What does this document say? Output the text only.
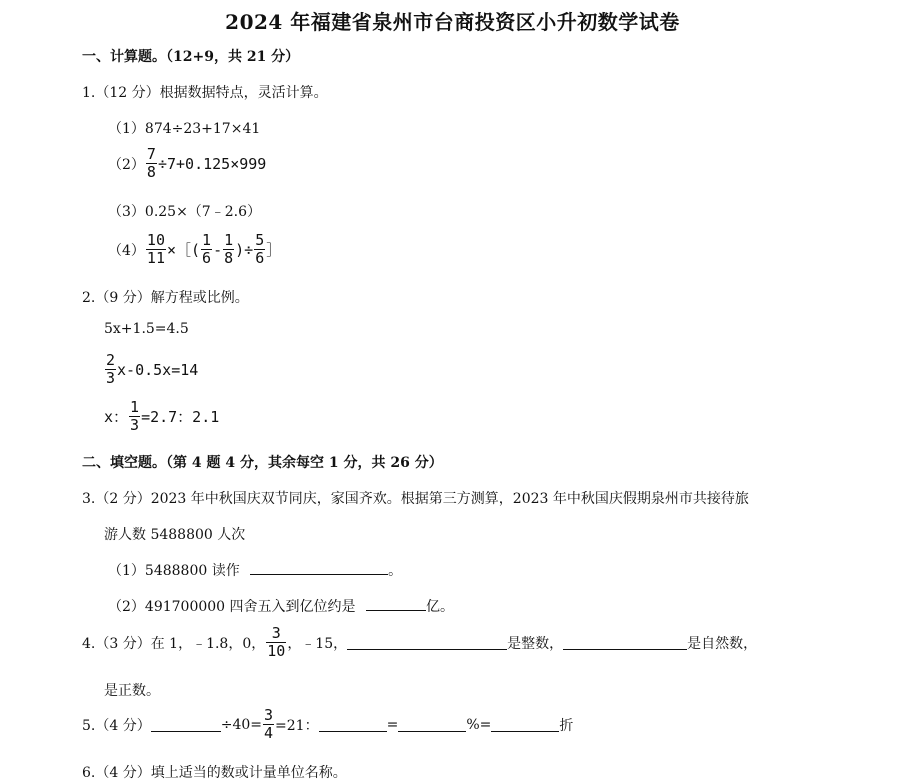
2024 年福建省泉州市台商投资区小升初数学试卷
一、计算题。（12+9，共 21 分）
1.（12 分）根据数据特点，灵活计算。
（1）874÷23+17×41
$(2) \frac{7}{8} \div 7+0.125\times 999$
（3）0.25×（7﹣2.6）
$(4) \frac{10}{11}$ ×［( $\frac{1}{6} - \frac{1}{8}$ )÷ $\frac{5}{6}$ ］
2.（9 分）解方程或比例。
5x+1.5=4.5
$\frac{2}{3} x-0.5x=14$
x： $\frac{1}{3} =2.7$：2.1
二、填空题。（第 4 题 4 分，其余每空 1 分，共 26 分）
3.（2 分）2023 年中秋国庆双节同庆，家国齐欢。根据第三方测算，2023 年中秋国庆假期泉州市共接待旅
游人数 5488800 人次
（1）5488800 读作	。
（2）491700000 四舍五入到亿位约是	亿。
4.（3 分）在 1，﹣1.8，0， $\frac{3}{10}$ ，﹣15，	是整数，	是自然数，
是正数。
5.（4 分）	$\div 40= \frac{3}{4} =21$：	=	%=	折
6.（4 分）填上适当的数或计量单位名称。
